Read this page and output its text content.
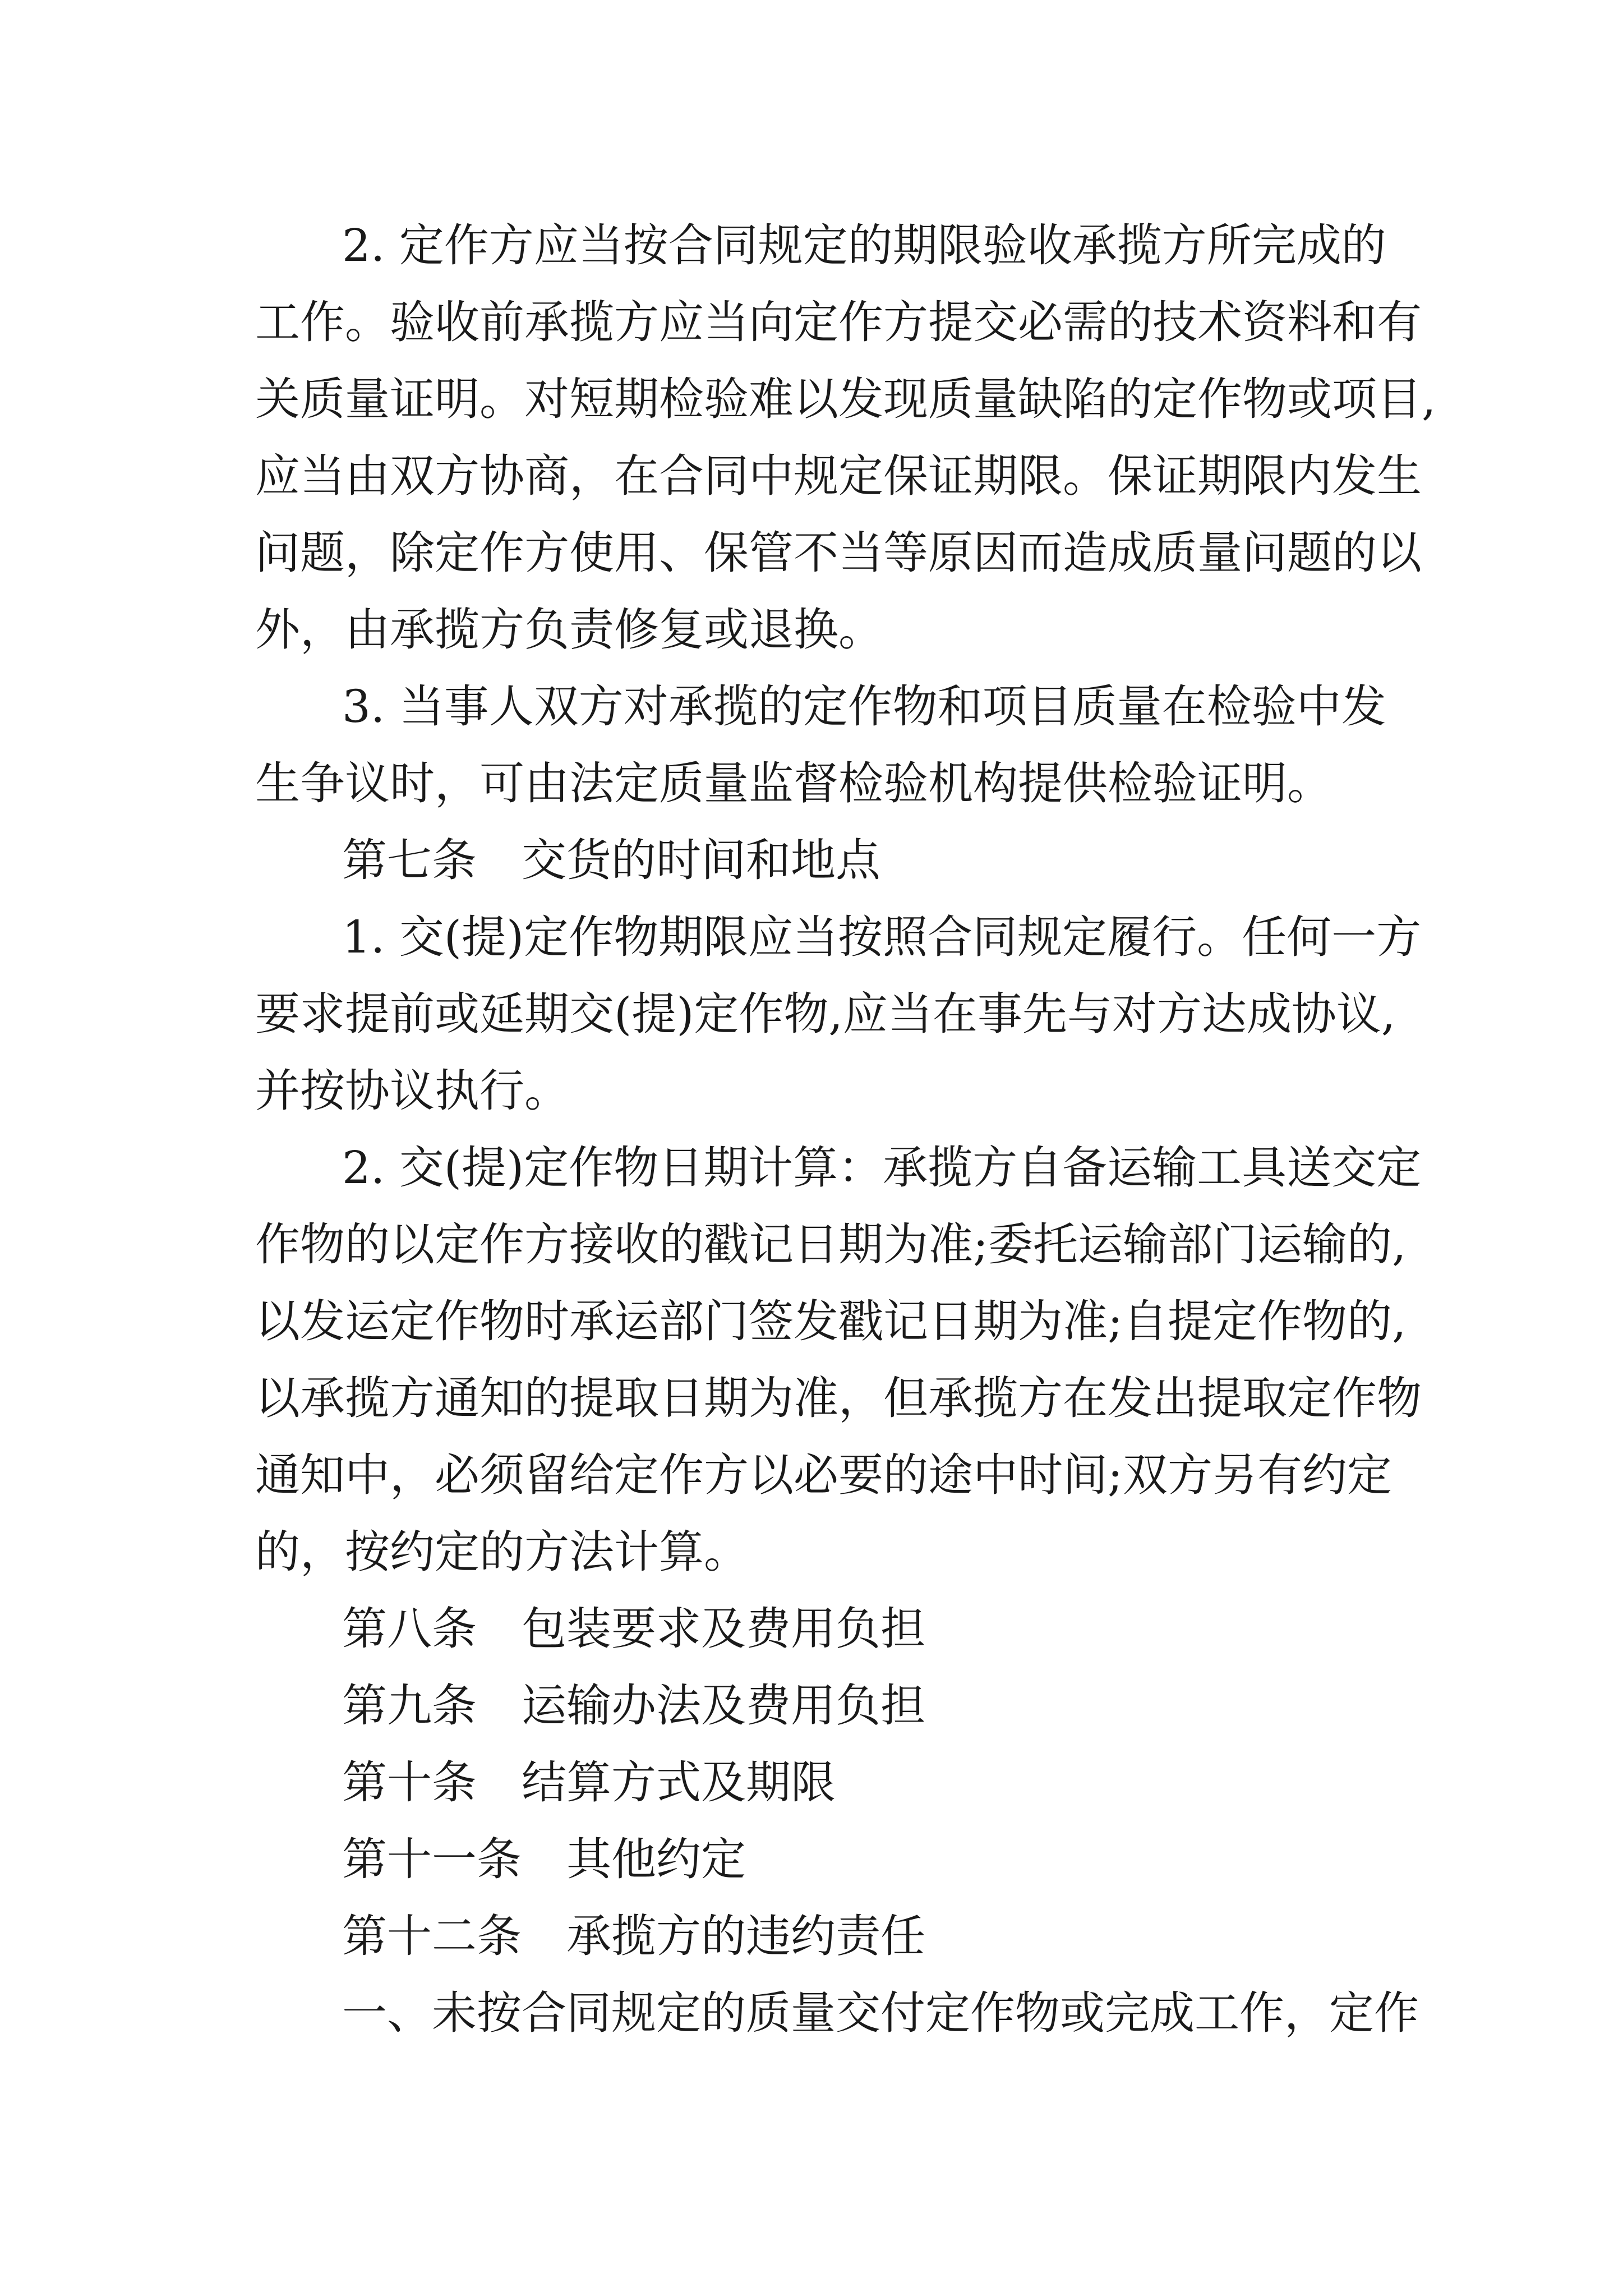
2. 定作方应当按合同规定的期限验收承揽方所完成的
工作。验收前承揽方应当向定作方提交必需的技术资料和有
关质量证明。对短期检验难以发现质量缺陷的定作物或项目,
应当由双方协商，在合同中规定保证期限。保证期限内发生
问题，除定作方使用、保管不当等原因而造成质量问题的以
外，由承揽方负责修复或退换。
3. 当事人双方对承揽的定作物和项目质量在检验中发
生争议时，可由法定质量监督检验机构提供检验证明。
第七条　交货的时间和地点
1. 交(提)定作物期限应当按照合同规定履行。任何一方
要求提前或延期交(提)定作物,应当在事先与对方达成协议,
并按协议执行。
2. 交(提)定作物日期计算：承揽方自备运输工具送交定
作物的以定作方接收的戳记日期为准;委托运输部门运输的,
以发运定作物时承运部门签发戳记日期为准;自提定作物的,
以承揽方通知的提取日期为准，但承揽方在发出提取定作物
通知中，必须留给定作方以必要的途中时间;双方另有约定
的，按约定的方法计算。
第八条　包装要求及费用负担
第九条　运输办法及费用负担
第十条　结算方式及期限
第十一条　其他约定
第十二条　承揽方的违约责任
一、未按合同规定的质量交付定作物或完成工作，定作
